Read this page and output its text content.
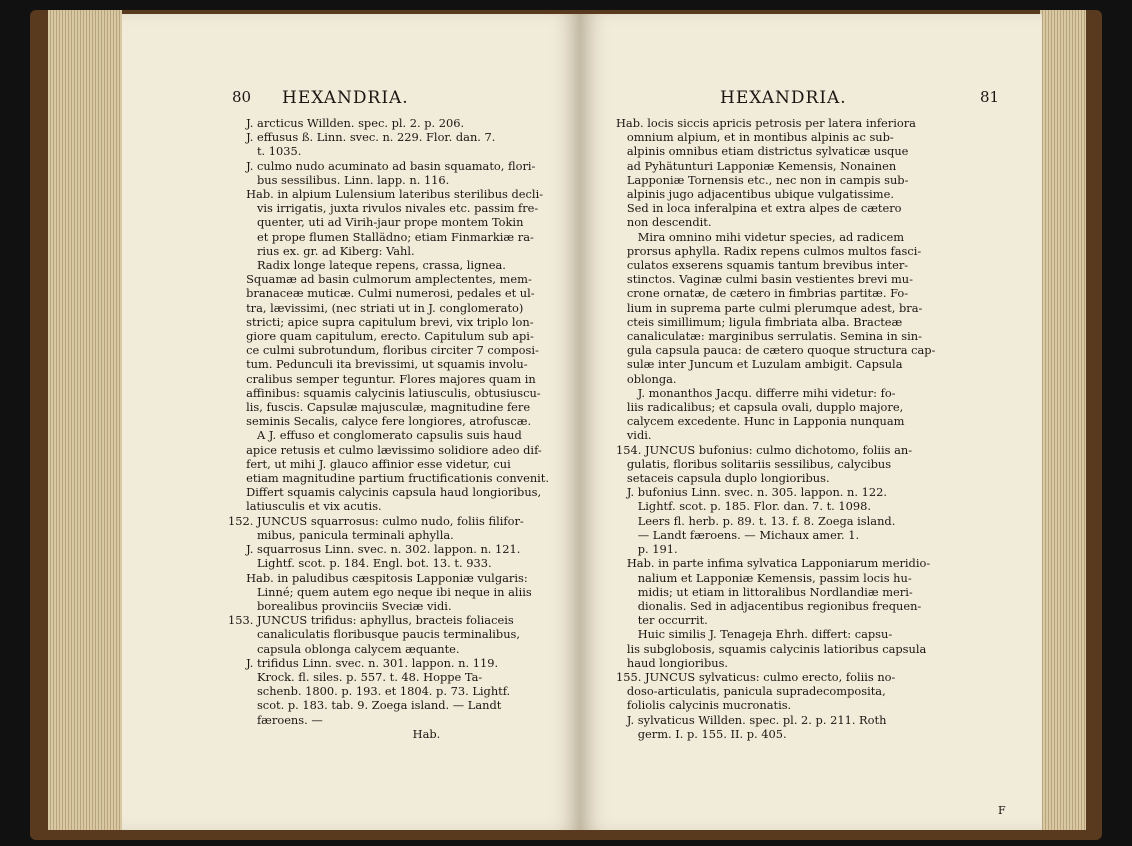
80 HEXANDRIA.
J. arcticus Willden. spec. pl. 2. p. 206.
J. effusus ß. Linn. svec. n. 229. Flor. dan. 7.
t. 1035.
J. culmo nudo acuminato ad basin squamato, flori-
bus sessilibus. Linn. lapp. n. 116.
Hab. in alpium Lulensium lateribus sterilibus decli-
vis irrigatis, juxta rivulos nivales etc. passim fre-
quenter, uti ad Virih-jaur prope montem Tokin
et prope flumen Stallädno; etiam Finmarkiæ ra-
rius ex. gr. ad Kiberg: Vahl.
Radix longe lateque repens, crassa, lignea.
Squamæ ad basin culmorum amplectentes, mem-
branaceæ muticæ. Culmi numerosi, pedales et ul-
tra, lævissimi, (nec striati ut in J. conglomerato)
stricti; apice supra capitulum brevi, vix triplo lon-
giore quam capitulum, erecto. Capitulum sub api-
ce culmi subrotundum, floribus circiter 7 composi-
tum. Pedunculi ita brevissimi, ut squamis involu-
cralibus semper teguntur. Flores majores quam in
affinibus: squamis calycinis latiusculis, obtusiuscu-
lis, fuscis. Capsulæ majusculæ, magnitudine fere
seminis Secalis, calyce fere longiores, atrofuscæ.
A J. effuso et conglomerato capsulis suis haud
apice retusis et culmo lævissimo solidiore adeo dif-
fert, ut mihi J. glauco affinior esse videtur, cui
etiam magnitudine partium fructificationis convenit.
Differt squamis calycinis capsula haud longioribus,
latiusculis et vix acutis.
152. JUNCUS squarrosus: culmo nudo, foliis filifor-
mibus, panicula terminali aphylla.
J. squarrosus Linn. svec. n. 302. lappon. n. 121.
Lightf. scot. p. 184. Engl. bot. 13. t. 933.
Hab. in paludibus cæspitosis Lapponiæ vulgaris:
Linné; quem autem ego neque ibi neque in aliis
borealibus provinciis Sveciæ vidi.
153. JUNCUS trifidus: aphyllus, bracteis foliaceis
canaliculatis floribusque paucis terminalibus,
capsula oblonga calycem æquante.
J. trifidus Linn. svec. n. 301. lappon. n. 119.
Krock. fl. siles. p. 557. t. 48. Hoppe Ta-
schenb. 1800. p. 193. et 1804. p. 73. Lightf.
scot. p. 183. tab. 9. Zoega island. — Landt
færoens. —
Hab.
HEXANDRIA.	81
Hab. locis siccis apricis petrosis per latera inferiora
omnium alpium, et in montibus alpinis ac sub-
alpinis omnibus etiam districtus sylvaticæ usque
ad Pyhätunturi Lapponiæ Kemensis, Nonainen
Lapponiæ Tornensis etc., nec non in campis sub-
alpinis jugo adjacentibus ubique vulgatissime.
Sed in loca inferalpina et extra alpes de cætero
non descendit.
Mira omnino mihi videtur species, ad radicem
prorsus aphylla. Radix repens culmos multos fasci-
culatos exserens squamis tantum brevibus inter-
stinctos. Vaginæ culmi basin vestientes brevi mu-
crone ornatæ, de cætero in fimbrias partitæ. Fo-
lium in suprema parte culmi plerumque adest, bra-
cteis simillimum; ligula fimbriata alba. Bracteæ
canaliculatæ: marginibus serrulatis. Semina in sin-
gula capsula pauca: de cætero quoque structura cap-
sulæ inter Juncum et Luzulam ambigit. Capsula
oblonga.
J. monanthos Jacqu. differre mihi videtur: fo-
liis radicalibus; et capsula ovali, dupplo majore,
calycem excedente. Hunc in Lapponia nunquam
vidi.
154. JUNCUS bufonius: culmo dichotomo, foliis an-
gulatis, floribus solitariis sessilibus, calycibus
setaceis capsula duplo longioribus.
J. bufonius Linn. svec. n. 305. lappon. n. 122.
Lightf. scot. p. 185. Flor. dan. 7. t. 1098.
Leers fl. herb. p. 89. t. 13. f. 8. Zoega island.
— Landt færoens. — Michaux amer. 1.
p. 191.
Hab. in parte infima sylvatica Lapponiarum meridio-
nalium et Lapponiæ Kemensis, passim locis hu-
midis; ut etiam in littoralibus Nordlandiæ meri-
dionalis. Sed in adjacentibus regionibus frequen-
ter occurrit.
Huic similis J. Tenageja Ehrh. differt: capsu-
lis subglobosis, squamis calycinis latioribus capsula
haud longioribus.
155. JUNCUS sylvaticus: culmo erecto, foliis no-
doso-articulatis, panicula supradecomposita,
foliolis calycinis mucronatis.
J. sylvaticus Willden. spec. pl. 2. p. 211. Roth
germ. I. p. 155. II. p. 405.
F
